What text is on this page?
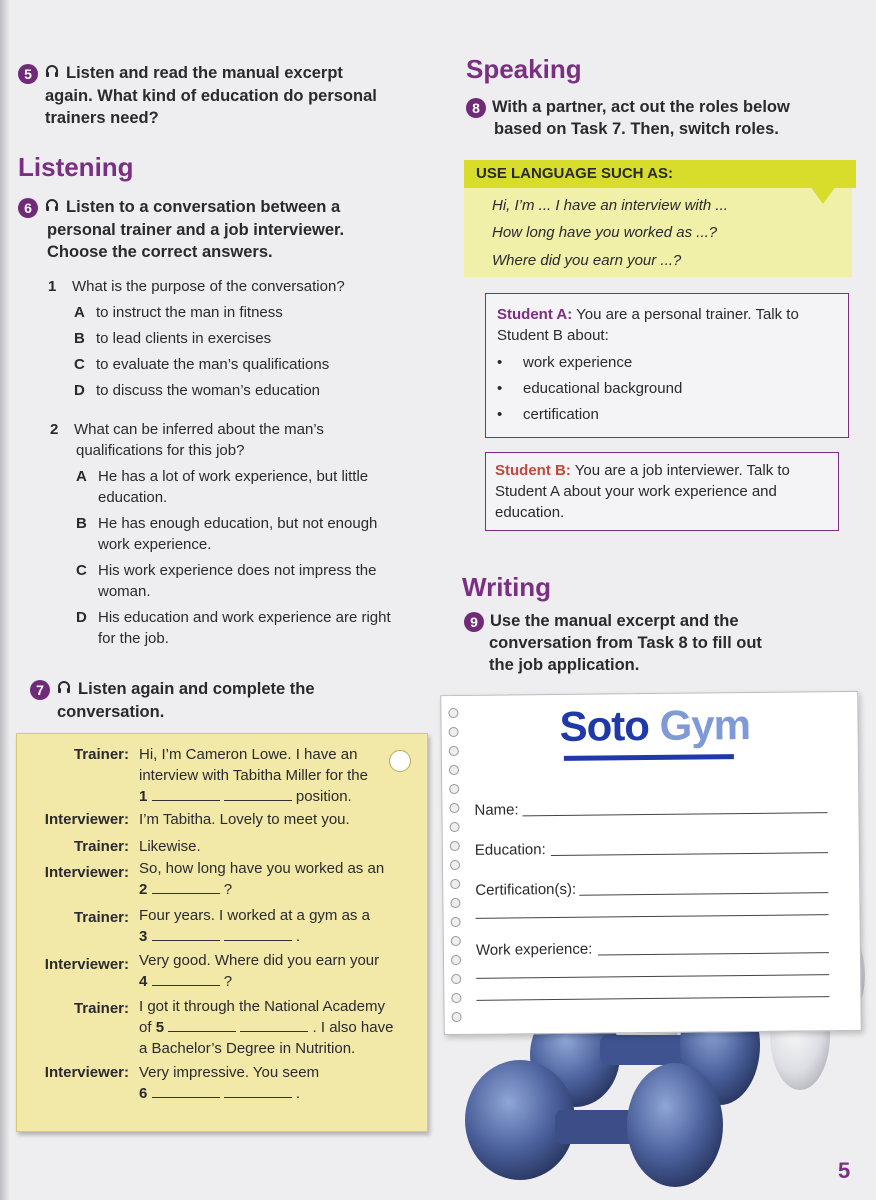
5 Listen and read the manual excerpt
again. What kind of education do personal
trainers need?
Listening
6 Listen to a conversation between a
personal trainer and a job interviewer.
Choose the correct answers.
1 What is the purpose of the conversation?
A to instruct the man in fitness
B to lead clients in exercises
C to evaluate the man’s qualifications
D to discuss the woman’s education
2 What can be inferred about the man’s
qualifications for this job?
A He has a lot of work experience, but little
education.
B He has enough education, but not enough
work experience.
C His work experience does not impress the
woman.
D His education and work experience are right
for the job.
7 Listen again and complete the
conversation.
Trainer: Hi, I’m Cameron Lowe. I have an
interview with Tabitha Miller for the
1	position.
Interviewer: I’m Tabitha. Lovely to meet you.
Trainer: Likewise.
Interviewer: So, how long have you worked as an
2	?
Trainer: Four years. I worked at a gym as a
3	.
Interviewer: Very good. Where did you earn your
4	?
Trainer: I got it through the National Academy
of 5	. I also have
a Bachelor’s Degree in Nutrition.
Interviewer: Very impressive. You seem
6	.
Speaking
8 With a partner, act out the roles below
based on Task 7. Then, switch roles.
USE LANGUAGE SUCH AS:
Hi, I’m ... I have an interview with ...
How long have you worked as ...?
Where did you earn your ...?
Student A: You are a personal trainer. Talk to
Student B about:
• work experience
• educational background
• certification
Student B: You are a job interviewer. Talk to
Student A about your work experience and
education.
Writing
9 Use the manual excerpt and the
conversation from Task 8 to fill out
the job application.
Soto Gym
Name:
Education:
Certification(s):
Work experience:
5
